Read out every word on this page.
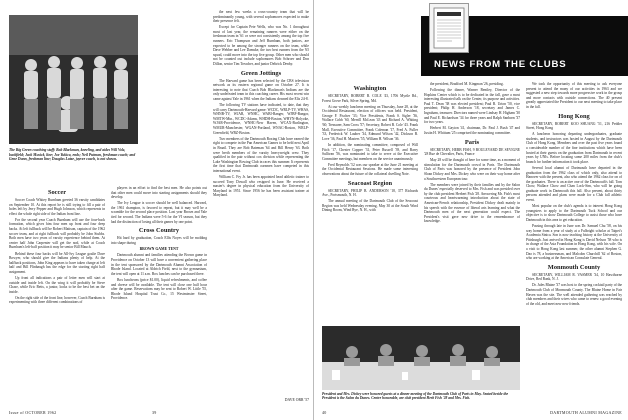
The Big Green coaching staff: Bob Blackman, kneeling, and aides Will Volz, backfield; Jack Musick, line; Joe Yukica, ends; Neil Putman, freshman coach; and Gene Dunn, freshman line; Douglas Lutze, jayvee coach, is not shown.
Soccer

Soccer Coach Whitey Burnham greeted 36 varsity candidates on September 10. At this report he is still trying to fill a pair of holes left by Jerry Pepper and Hugh Johnson, which represents in effect the whole right side of the Indian front line.

For the second year Coach Burnham will use the four-back formation, which gives him four men up front and four deep backs. At left fullback will be Robert Mattson, captain of the 1962 soccer team, and at right fullback will probably be John Stubbs. Both men have two years of varsity experience behind them. At center half John Carpenter will get the nod, while at Coach Burnham's left-half position it may be senior Bill Mauch.

Behind these four backs will be All-Ivy League goalie Dave Bowyer, who should give the Indians plenty of help. At the halfback positions, John King appears to have taken charge at left half and Bill Flinbaugh has the edge for the starting right half assignment.

Up front all indications a pair of letter men will start at outside and inside left. On the wing it will probably be Steve Chase, while Eric Betts, a junior, looks to be the best bet on the inside.

On the right side of the front line, however, Coach Burnham is experimenting with three different combinations of

players in an effort to find the best men. He also points out that other men could move into starting assignments should they develop.

The Ivy League is soccer should be well balanced. Harvard, the 1961 champion, is favored to repeat, but it may well be a scramble for the second place position. Last year Brown and Yale tied for second. The Indians were 5-6 for the VI season, but they had the distinction of losing all their games by one point.

Cross Country

Hit hard by graduation, Coach Ellis Noyes will be molding into shape during

BROWN GAME TENT

Dartmouth alumni and families attending the Brown game in Providence on October 13 will have a convenient gathering place in the tent sponsored by the Dartmouth Alumni Association of Rhode Island. Located at Aldrich Field, next to the gymnasium, the tent will open at 11 a.m. Box lunches can be purchased there.

Box luncheons (price $1.00), liquid refreshments, and coffee and cheese will be available. The tent will close one half hour after the game. Reservations may be sent to Robert W. Little '55, Rhode Island Hospital Trust Co., 15 Westminster Street, Providence.

the next few weeks a cross-country team that will be predominantly young, with several sophomores expected to make their presence felt.

Except for Captain Pete Wells, who was No. 1 throughout most of last year, the remaining runners were either on the freshman team in '61 or were not consistently among the top five runners. Eric Thompson and Jeff Burnham, both juniors, are expected to be among the stronger runners on the team, while Dave Webber and Lee Damske, the two best runners from the '65 squad, could move into the top five group. Other men who should not be counted out include sophomores Bob Schroer and Don Dillon, senior Tim Treacher, and junior Deltrick Denby.

Green Jottings

The Harvard game has been selected by the CBS television network as its eastern regional game on October 27. It is interesting to note that Coach Bob Blackman's Indians are the only undefeated team in this coaching career. His most recent win came against Yale in 1961 when the Indians downed the Elis 24-8.

The following TV stations have indicated, to date, that they will carry Dartmouth-Harvard game: WCDC, WRLP-TV, WHAS, WHNB-TV, WJAR, WNHC, WABI-Ranger, WJBF-Bangor, WMTW-Mtn., WCDC-Adams, WHDH-Boston, WHYN-Holyoke, WJAR-Providence, WNHC-New Haven, WCAX-Burlington, WMUR-Manchester, WGAN-Portland, WNAC-Boston, WRLP-Greenfield, WBZ-Boston.

Two members of the Dartmouth Boxing Club have earned the right to compete in the Pan American Games to be held next April in Brazil. They are Bob Bateman '64 and Bill Henry '63. Both were berth members of the varsity heavyweight crew. They qualified in the pair without cox division while representing the Lake Washington Rowing Club in races this summer. It represents the first time that Dartmouth oarsmen have competed in this international event.

William C. Fry Jr. has been appointed head athletic trainer to succeed Tony Dowall who resigned in June. He received a master's degree in physical education from the University of Maryland in 1951. Since 1956 he has been assistant trainer at Maryland.

DAVE ORR '57
Issue of OCTOBER 1962	39
NEWS FROM THE CLUBS
Washington

SECRETARY, ROBERT B. COLE '43, 1706 Myrtle Rd., Forest Grove Park, Silver Spring, Md.

At our weekly luncheon meeting on Thursday, June 28, at the Occidental Restaurant, election of officers was held. President, George F. Fischer '33; Vice Presidents, Frank S. Sigler '36, Wallace Cobb '60, Merrill McLean '43 and Richard A. Whiting '60; Treasurer, Sam Cross '57; Secretary, Robert B. Cole '43. Frank Mall, Executive Committee, Frank Coleman '17, Fred A. Fuller '33, Frederick W. Lauber '34, Edmund Wilson '42, Dickson B. Love '36, Paul H. Masters '55, William H. Wilson '36.

In addition, the nominating committee, composed of Will Fitch '17, Chester Copper '31, Peter Russell '39, and Barry Sullivan '56, was nominated to take to serve at the Executive Committee meetings, but members on the service unanimously.

Fred Reynolds '52 was our speaker at the June 21 meeting at the Occidental Restaurant Sessions. He made some interesting observations about the future of the collateral dwelling Note.

Seacoast Region

SECRETARY, PHILIP B. ANDERSON '18, 377 Richards Ave., Portsmouth, N. H.

The annual meeting of the Dartmouth Club of the Seacoast Region was held Wednesday evening, May 30 at the South Wind Dining Room, Wind Rye, N. H., with

the president, Bradford M. Kingman '26, presiding.

Following the dinner, Warner Bentley, Director of the Hopkins Center which is to be dedicated in the fall, gave a most interesting illustrated talk on the Center, its purpose and activities. Paul T. Dean '38 was elected president; Paul R. Urion '50, vice president; Philip H. Anderson '18, secretary and James C. Ingraham, treasurer. Directors named were Lindsay H. Higham '30 and Paul E. Richardson '34 for three years and Ralph Sanborn '37 for two years.

Herbert M. Gayton '41, chairman, Dr. Paul J. Bush '47 and Justin H. Whittum '25 comprised the nominating committee.

Paris

SECRETARY, HERB FISH, 9 BOULEVARD DE SEVIGNE '28 Rue de Chevalier, Paris, France

May 28 will be thought of here for some time, as a moment of stimulation for the Dartmouth crowd in Paris. The Dartmouth Club of Paris was honored by the presence of President John Sloan Dickey and Mrs. Dickey who were on their way home after a Southwestern European tour.

The members were joined by their families and by the Salon du Dunes' especially deserved to Mrs. Fish and was presided over by the club president Herbert Fish '28. Answering Mr. Fish's most courteous and heartwarming introduction about the state of American-French relationship, President Dickey dealt mainly in his speech with the essence of liberal arts learning and what the Dartmouth men of the next generation could expect. The President's visit gave new drive to the remembrance of knowledge.

We took the opportunity of this meeting to ask everyone present to attend the many of our activities in 1963 and we suggested a new step towards more progressive work in the group and more contacts with outside connections. The 40 present greatly appreciated the President to our next meeting to take place in the fall.

Hong Kong

SECRETARY, ROBERT KOO SHUANG '51, 216 Pedder Street, Hong Kong

A luncheon honoring departing undergraduates, graduate students, and instructors was hosted in August by the Dartmouth Club of Hong Kong. Members and over the past five years found a considerable number of the fine institutions which have been hosted at their guests on the graduation from Dartmouth in recent years by UNIs. Before locating some 200 miles from the club's branch for further information it took place.

Several local alumni of Dartmouth have departed in the graduation from the 1962 class of which only, also attend to Hanover with the present, also who attend the 1962 class for on of the graduates. There is an active one of the Dartmouth's fall. Tom Chow, Wallace Chow and Chan Lock-Sim, who will be going graduate work in Dartmouth this fall. Also present, about thirty persons attended and plans were made for a Club fall athletic event.

Most popular on the club's agenda is to interest Hong Kong youngsters to apply to the Dartmouth Tuck School and our objective is to show Dartmouth College to assist those who have Dartmouth in this area to get education.

Passing through late in June was Dr. Samuel Chu '58, on his way home from a year of study at a Fulbright scholar at Taipei's Academia Sinica. Son is now teaching history at the University of Pittsburgh. Just arrived in Hong Kong is David Nelson '58 who is in charge of the Asia Foundation in Hong Kong, with his wife. On a visit to Hong Kong last summer, the other alumni Stephen G. Dao is 78, a businessman, and Malcolm Churchill '62 of Boston, who are working at the American Consulate General.

Monmouth County

SECRETARY, WILLIAM R. VASMER '34, 10 Hawthorne Drive, Red Bank, N. J.

Dr. Jules Blaine '37 was host to the spring cocktail party of the Dartmouth Club of Monmouth County. The Blaine Home in Fair Haven was the site. The well attended gathering was reached by club members and their wives who came to renew a good evening of the old, and meet new new friends.

President and Mrs. Dickey were honored guests at a dinner meeting of the Dartmouth Club of Paris in May. Seated beside the President is the Salon du Dunes. Centre honorable, are club president Herb Fish '28 and Mrs. Fish.
40	DARTMOUTH ALUMNI MAGAZINE
